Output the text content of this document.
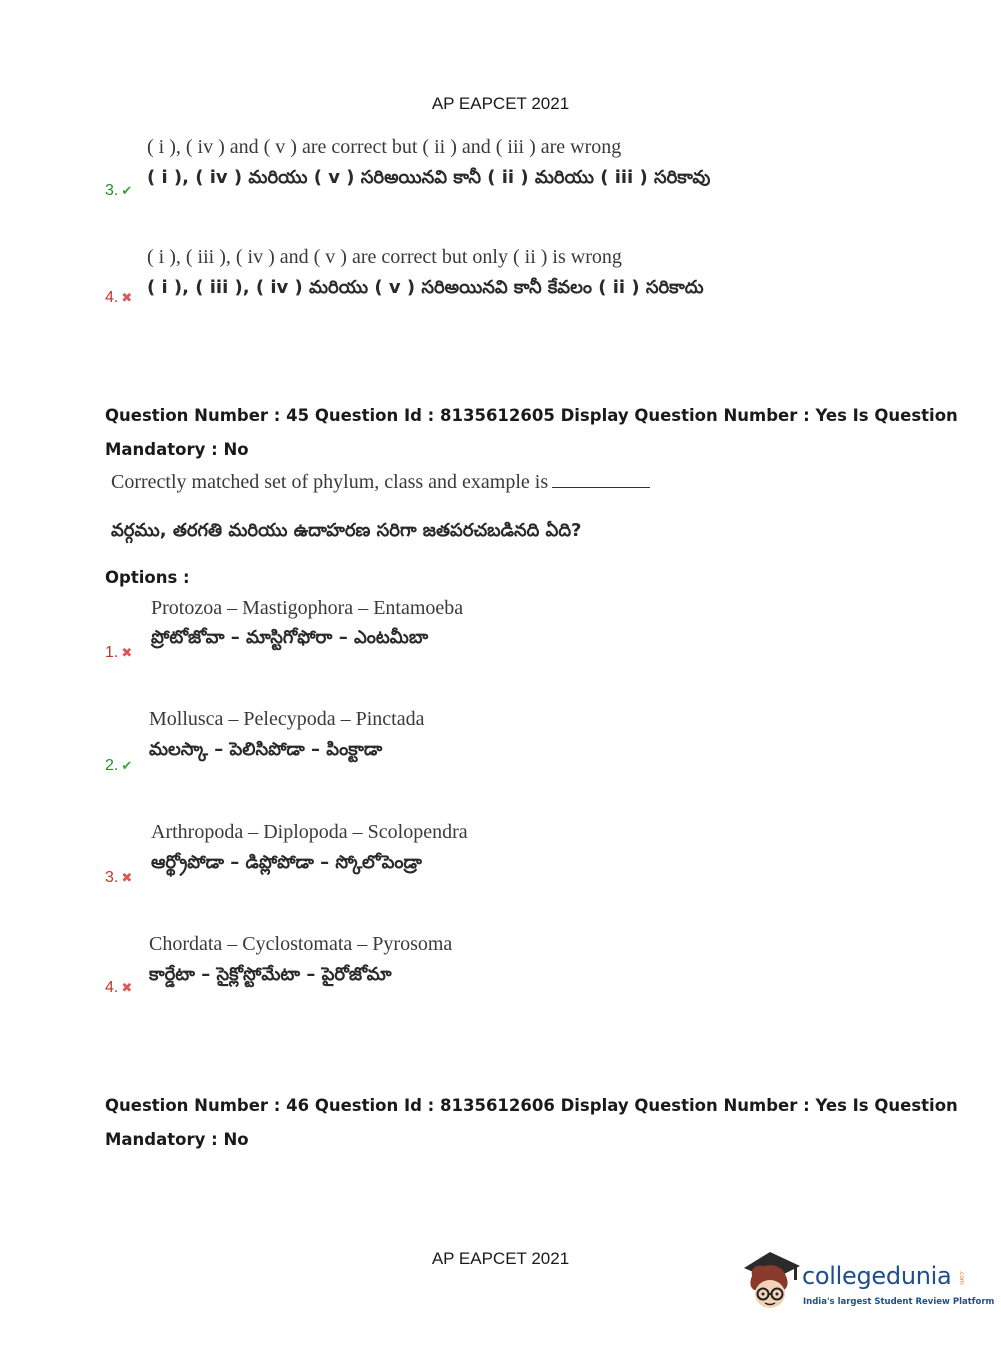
AP EAPCET 2021
( i ), ( iv ) and ( v ) are correct but ( ii ) and ( iii ) are wrong
( i ), ( iv ) మరియు ( v ) సరిఅయినవి కానీ ( ii ) మరియు ( iii ) సరికావు
3. ✔
( i ), ( iii ), ( iv ) and ( v ) are correct but only ( ii ) is wrong
( i ), ( iii ), ( iv ) మరియు ( v ) సరిఅయినవి కానీ కేవలం ( ii ) సరికాదు
4. ✖
Question Number : 45 Question Id : 8135612605 Display Question Number : Yes Is Question
Mandatory : No
Correctly matched set of phylum, class and example is
వర్గము, తరగతి మరియు ఉదాహరణ సరిగా జతపరచబడినది ఏది?
Options :
Protozoa – Mastigophora – Entamoeba
ప్రోటోజోవా – మాస్టిగోఫోరా – ఎంటమీబా
1. ✖
Mollusca – Pelecypoda – Pinctada
మలస్కా – పెలిసిపోడా – పింక్టాడా
2. ✔
Arthropoda – Diplopoda – Scolopendra
ఆర్థ్రోపోడా – డిప్లోపోడా – స్కోలోపెండ్రా
3. ✖
Chordata – Cyclostomata – Pyrosoma
కార్డేటా – సైక్లోస్టోమేటా – పైరోజోమా
4. ✖
Question Number : 46 Question Id : 8135612606 Display Question Number : Yes Is Question
Mandatory : No
AP EAPCET 2021
collegedunia .com
India's largest Student Review Platform
